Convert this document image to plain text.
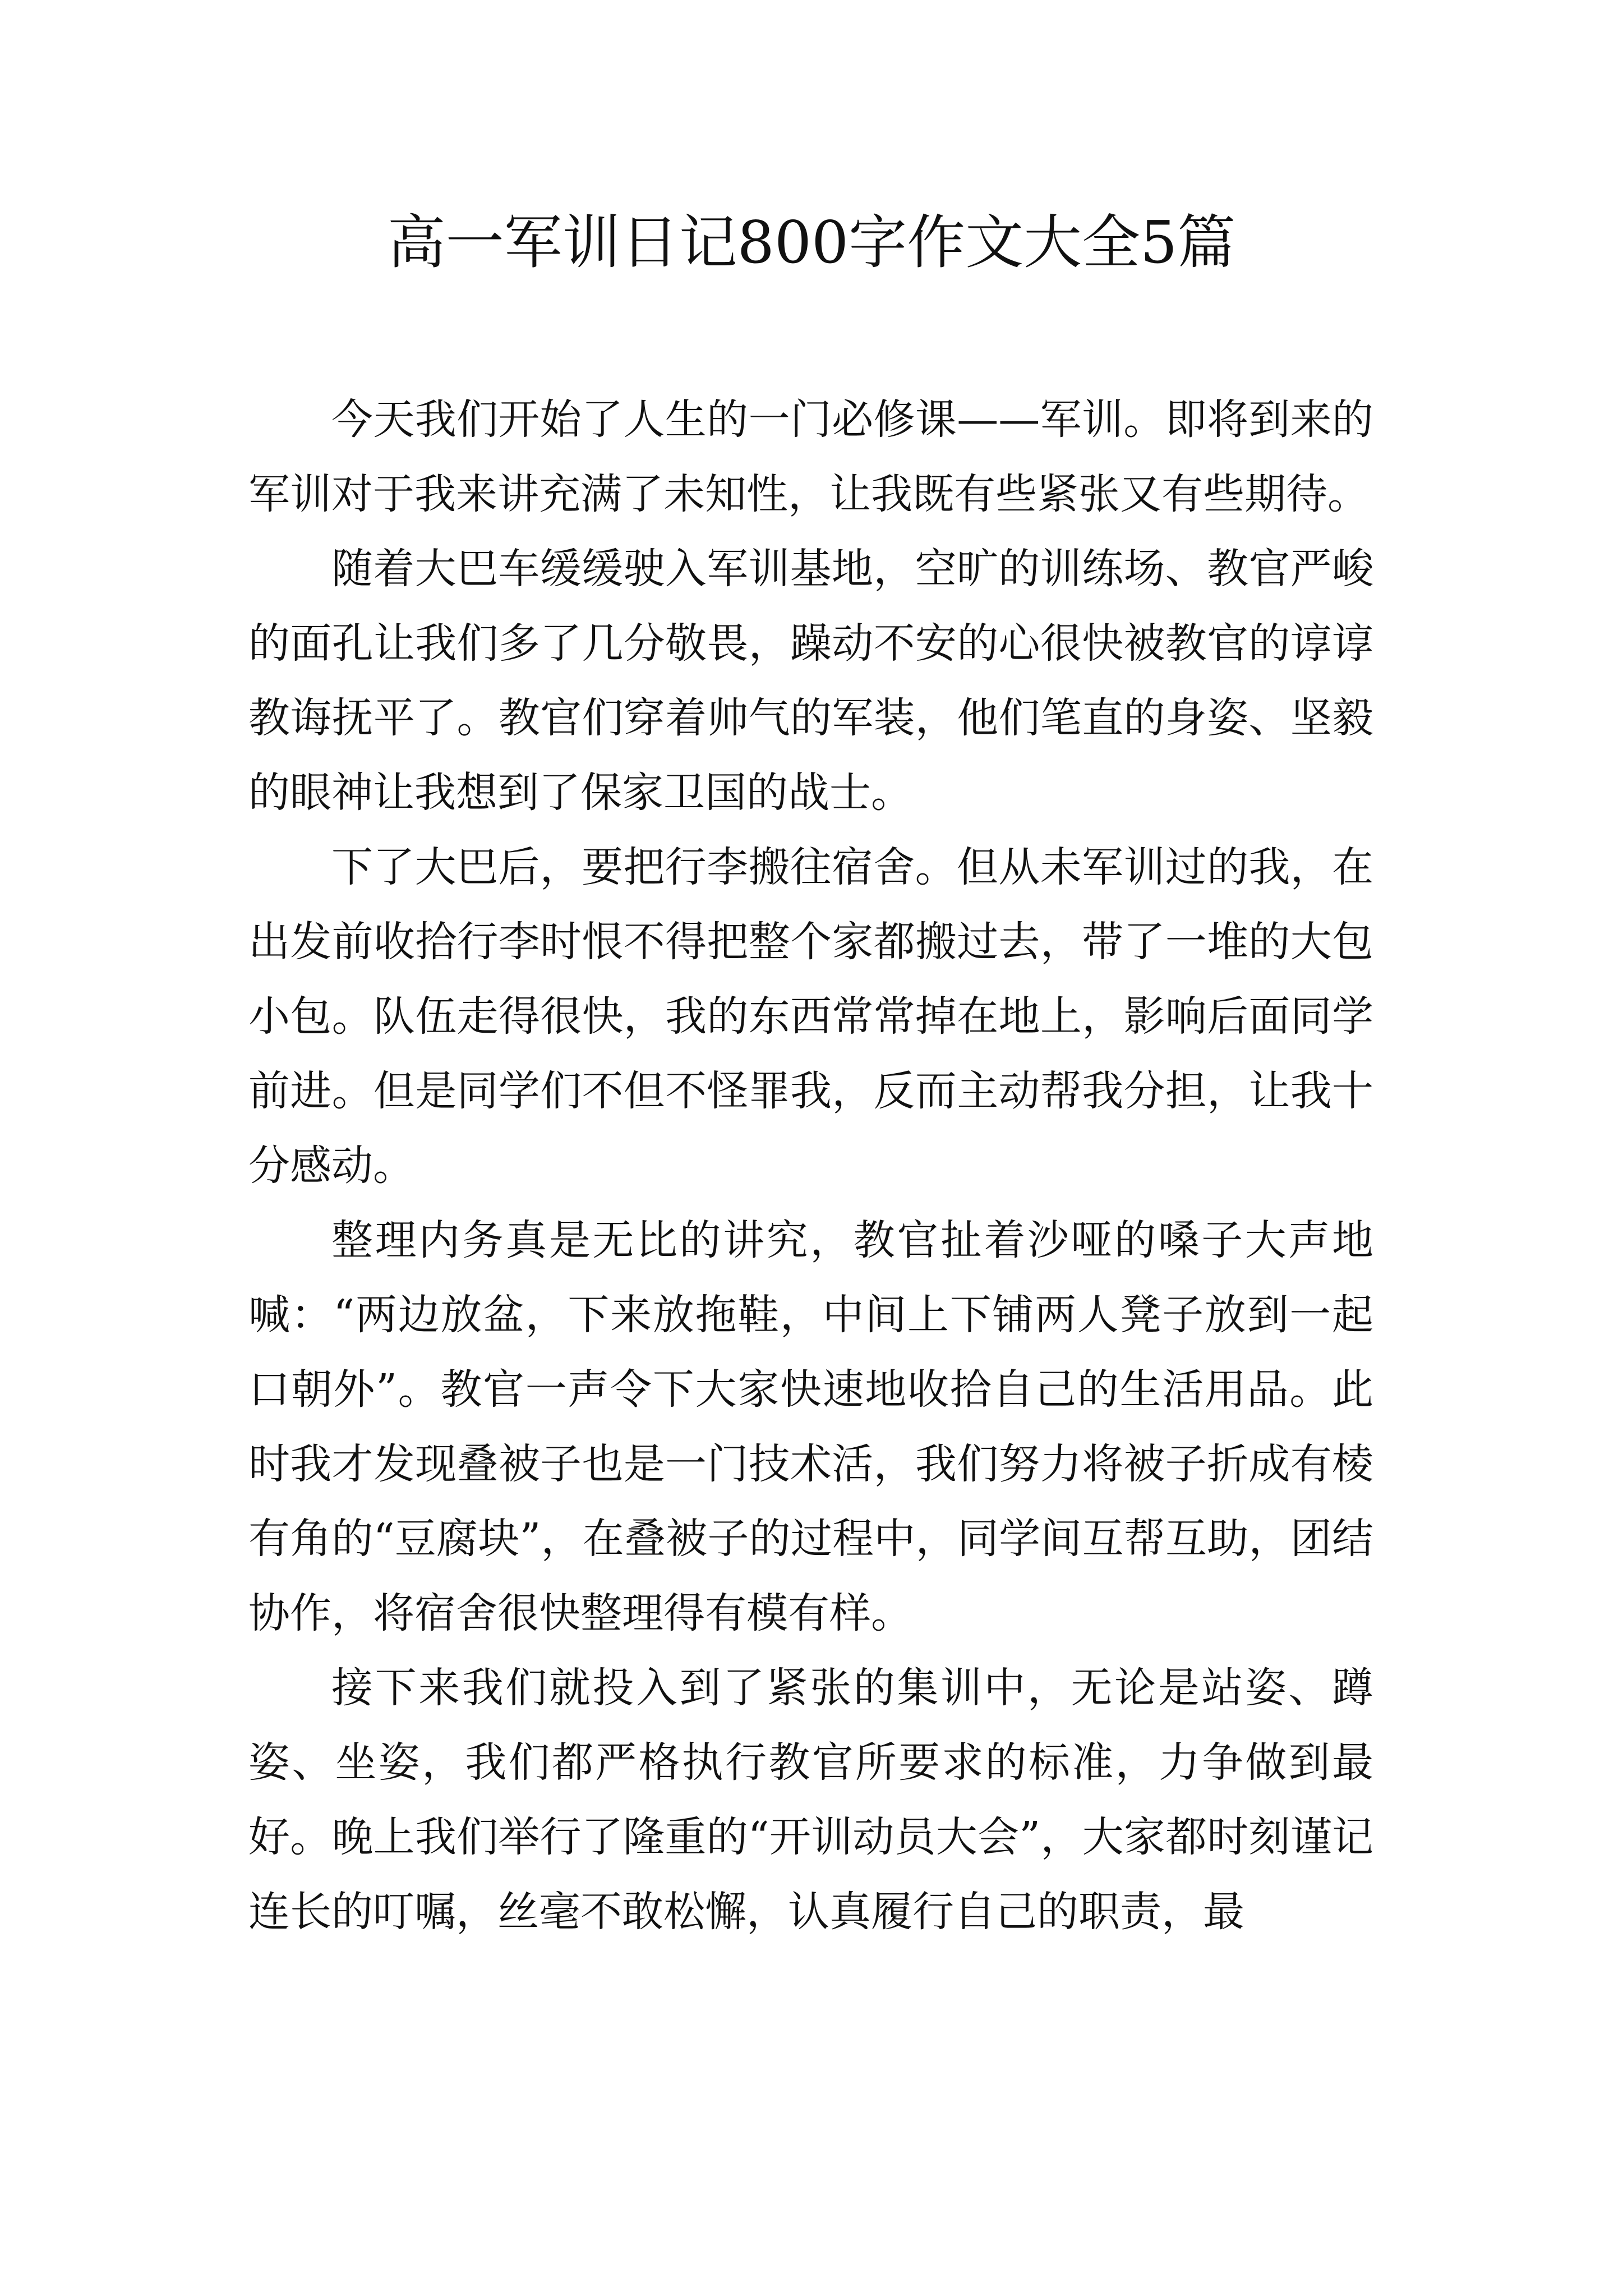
高一军训日记800字作文大全5篇

今天我们开始了人生的一门必修课——军训。即将到来的军训对于我来讲充满了未知性，让我既有些紧张又有些期待。

随着大巴车缓缓驶入军训基地，空旷的训练场、教官严峻的面孔让我们多了几分敬畏，躁动不安的心很快被教官的谆谆教诲抚平了。教官们穿着帅气的军装，他们笔直的身姿、坚毅的眼神让我想到了保家卫国的战士。

下了大巴后，要把行李搬往宿舍。但从未军训过的我，在出发前收拾行李时恨不得把整个家都搬过去，带了一堆的大包小包。队伍走得很快，我的东西常常掉在地上，影响后面同学前进。但是同学们不但不怪罪我，反而主动帮我分担，让我十分感动。

整理内务真是无比的讲究，教官扯着沙哑的嗓子大声地喊：“两边放盆，下来放拖鞋，中间上下铺两人凳子放到一起口朝外”。教官一声令下大家快速地收拾自己的生活用品。此时我才发现叠被子也是一门技术活，我们努力将被子折成有棱有角的“豆腐块”，在叠被子的过程中，同学间互帮互助，团结协作，将宿舍很快整理得有模有样。

接下来我们就投入到了紧张的集训中，无论是站姿、蹲姿、坐姿，我们都严格执行教官所要求的标准，力争做到最好。晚上我们举行了隆重的“开训动员大会”，大家都时刻谨记连长的叮嘱，丝毫不敢松懈，认真履行自己的职责，最
